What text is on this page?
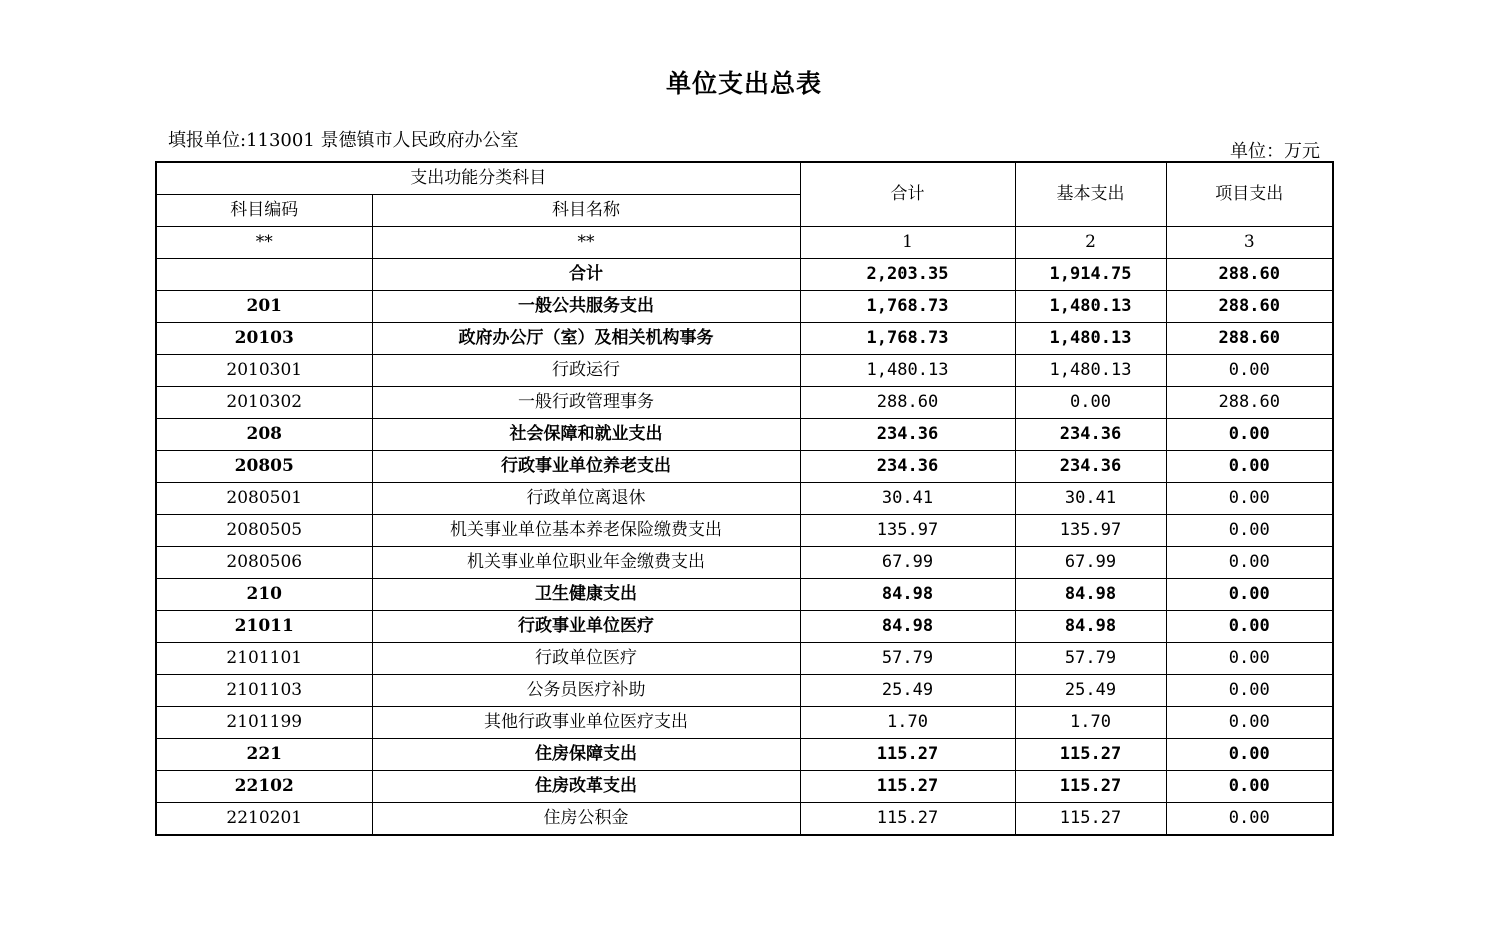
单位支出总表
填报单位:113001 景德镇市人民政府办公室
单位：万元
支出功能分类科目		合计	基本支出	项目支出
科目编码	科目名称			
**	**	1	2	3
	合计	2,203.35	1,914.75	288.60
201	一般公共服务支出	1,768.73	1,480.13	288.60
20103	政府办公厅（室）及相关机构事务	1,768.73	1,480.13	288.60
2010301	行政运行	1,480.13	1,480.13	0.00
2010302	一般行政管理事务	288.60	0.00	288.60
208	社会保障和就业支出	234.36	234.36	0.00
20805	行政事业单位养老支出	234.36	234.36	0.00
2080501	行政单位离退休	30.41	30.41	0.00
2080505	机关事业单位基本养老保险缴费支出	135.97	135.97	0.00
2080506	机关事业单位职业年金缴费支出	67.99	67.99	0.00
210	卫生健康支出	84.98	84.98	0.00
21011	行政事业单位医疗	84.98	84.98	0.00
2101101	行政单位医疗	57.79	57.79	0.00
2101103	公务员医疗补助	25.49	25.49	0.00
2101199	其他行政事业单位医疗支出	1.70	1.70	0.00
221	住房保障支出	115.27	115.27	0.00
22102	住房改革支出	115.27	115.27	0.00
2210201	住房公积金	115.27	115.27	0.00
